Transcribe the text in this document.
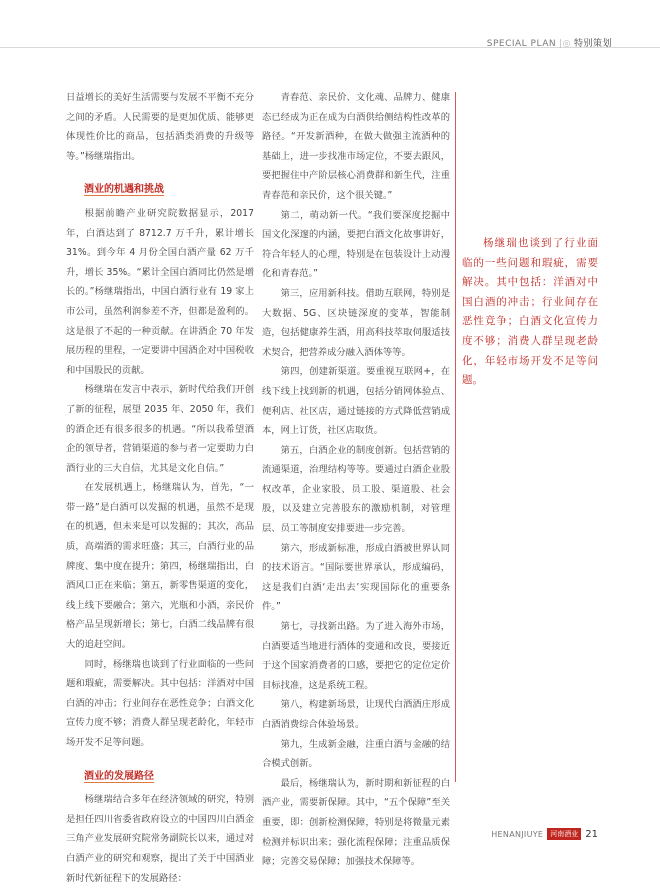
SPECIAL PLAN |◎ 特别策划

日益增长的美好生活需要与发展不平衡不充分之间的矛盾。人民需要的是更加优质、能够更体现性价比的商品，包括酒类消费的升级等等。”杨继瑞指出。

酒业的机遇和挑战

根据前瞻产业研究院数据显示，2017 年，白酒达到了 8712.7 万千升，累计增长 31%。到今年 4 月份全国白酒产量 62 万千升，增长 35%。“累计全国白酒同比仍然是增长的。”杨继瑞指出，中国白酒行业有 19 家上市公司，虽然利润参差不齐，但都是盈利的。这是很了不起的一种贡献。在讲酒企 70 年发展历程的里程，一定要讲中国酒企对中国税收和中国股民的贡献。

杨继瑞在发言中表示，新时代给我们开创了新的征程，展望 2035 年、2050 年，我们的酒企还有很多很多的机遇。“所以我希望酒企的领导者，营销渠道的参与者一定要助力白酒行业的三大自信，尤其是文化自信。”

在发展机遇上，杨继瑞认为，首先，“一带一路”是白酒可以发掘的机遇，虽然不是现在的机遇，但未来是可以发掘的；其次，高品质，高端酒的需求旺盛；其三，白酒行业的品牌度、集中度在提升；第四，杨继瑞指出，白酒风口正在来临；第五，新零售渠道的变化，线上线下要融合；第六，光瓶和小酒，亲民价格产品呈现新增长；第七，白酒二线品牌有很大的追赶空间。

同时，杨继瑞也谈到了行业面临的一些问题和瑕疵，需要解决。其中包括：洋酒对中国白酒的冲击；行业间存在恶性竞争；白酒文化宣传力度不够；消费人群呈现老龄化，年轻市场开发不足等问题。

酒业的发展路径

杨继瑞结合多年在经济领域的研究，特别是担任四川省委省政府设立的中国四川白酒金三角产业发展研究院常务副院长以来，通过对白酒产业的研究和观察，提出了关于中国酒业新时代新征程下的发展路径：

青春范、亲民价、文化魂、品牌力、健康态已经成为正在成为白酒供给侧结构性改革的路径。“开发新酒种，在做大做强主流酒种的基础上，进一步找准市场定位，不要去跟风，要把握住中产阶层核心消费群和新生代，注重青春范和亲民价，这个很关键。”

第二，萌动新一代。“我们要深度挖掘中国文化深邃的内涵，要把白酒文化故事讲好，符合年轻人的心理，特别是在包装设计上动漫化和青春范。”

第三，应用新科技。借助互联网，特别是大数据、5G、区块链深度的变革，智能制造，包括健康养生酒，用高科技萃取伺服适技术契合，把营养成分融入酒体等等。

第四，创建新渠道。要重视互联网+，在线下线上找到新的机遇，包括分销网体验点、便利店、社区店，通过链接的方式降低营销成本，网上订货，社区店取货。

第五，白酒企业的制度创新。包括营销的流通渠道，治理结构等等。要通过白酒企业股权改革，企业家股、员工股、渠道股、社会股，以及建立完善股东的激励机制，对管理层、员工等制度安排要进一步完善。

第六，形成新标准，形成白酒被世界认同的技术语言。“国际要世界承认，形成编码，这是我们白酒‘走出去’实现国际化的重要条件。”

第七，寻找新出路。为了进入海外市场，白酒要适当地进行酒体的变通和改良，要接近于这个国家消费者的口感，要把它的定位定价目标找准，这是系统工程。

第八，构建新场景，让现代白酒酒庄形成白酒消费综合体验场景。

第九，生成新金融，注重白酒与金融的结合模式创新。

最后，杨继瑞认为，新时期和新征程的白酒产业，需要新保障。其中，“五个保障”至关重要，即：创新检测保障，特别是将微量元素检测并标识出来；强化流程保障；注重品质保障；完善交易保障；加强技术保障等。

杨继瑞也谈到了行业面临的一些问题和瑕疵，需要解决。其中包括：洋酒对中国白酒的冲击；行业间存在恶性竞争；白酒文化宣传力度不够；消费人群呈现老龄化，年轻市场开发不足等问题。

HENANJIUYE	河南酒业 21
